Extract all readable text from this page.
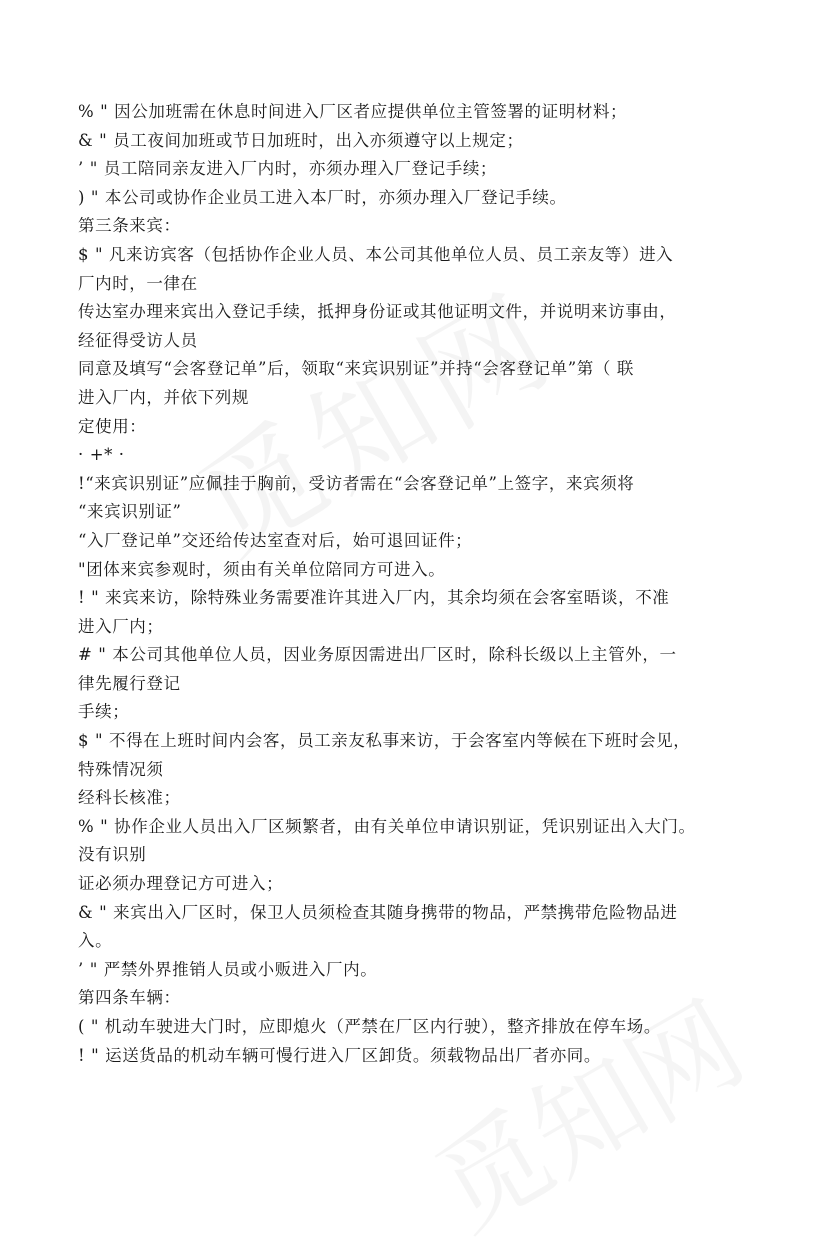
% " 因公加班需在休息时间进入厂区者应提供单位主管签署的证明材料；
& " 员工夜间加班或节日加班时，出入亦须遵守以上规定；
’ " 员工陪同亲友进入厂内时，亦须办理入厂登记手续；
) " 本公司或协作企业员工进入本厂时，亦须办理入厂登记手续。
第三条来宾：
$ " 凡来访宾客（包括协作企业人员、本公司其他单位人员、员工亲友等）进入
厂内时，一律在
传达室办理来宾出入登记手续，抵押身份证或其他证明文件，并说明来访事由，
经征得受访人员
同意及填写“会客登记单”后，领取“来宾识别证”并持“会客登记单”第（ 联
进入厂内，并依下列规
定使用：
· +* ·
!“来宾识别证”应佩挂于胸前，受访者需在“会客登记单”上签字，来宾须将
“来宾识别证”
“入厂登记单”交还给传达室查对后，始可退回证件；
"团体来宾参观时，须由有关单位陪同方可进入。
! " 来宾来访，除特殊业务需要准许其进入厂内，其余均须在会客室晤谈，不准
进入厂内；
# " 本公司其他单位人员，因业务原因需进出厂区时，除科长级以上主管外，一
律先履行登记
手续；
$ " 不得在上班时间内会客，员工亲友私事来访，于会客室内等候在下班时会见，
特殊情况须
经科长核准；
% " 协作企业人员出入厂区频繁者，由有关单位申请识别证，凭识别证出入大门。
没有识别
证必须办理登记方可进入；
& " 来宾出入厂区时，保卫人员须检查其随身携带的物品，严禁携带危险物品进
入。
’ " 严禁外界推销人员或小贩进入厂内。
第四条车辆：
( " 机动车驶进大门时，应即熄火（严禁在厂区内行驶），整齐排放在停车场。
! " 运送货品的机动车辆可慢行进入厂区卸货。须载物品出厂者亦同。
